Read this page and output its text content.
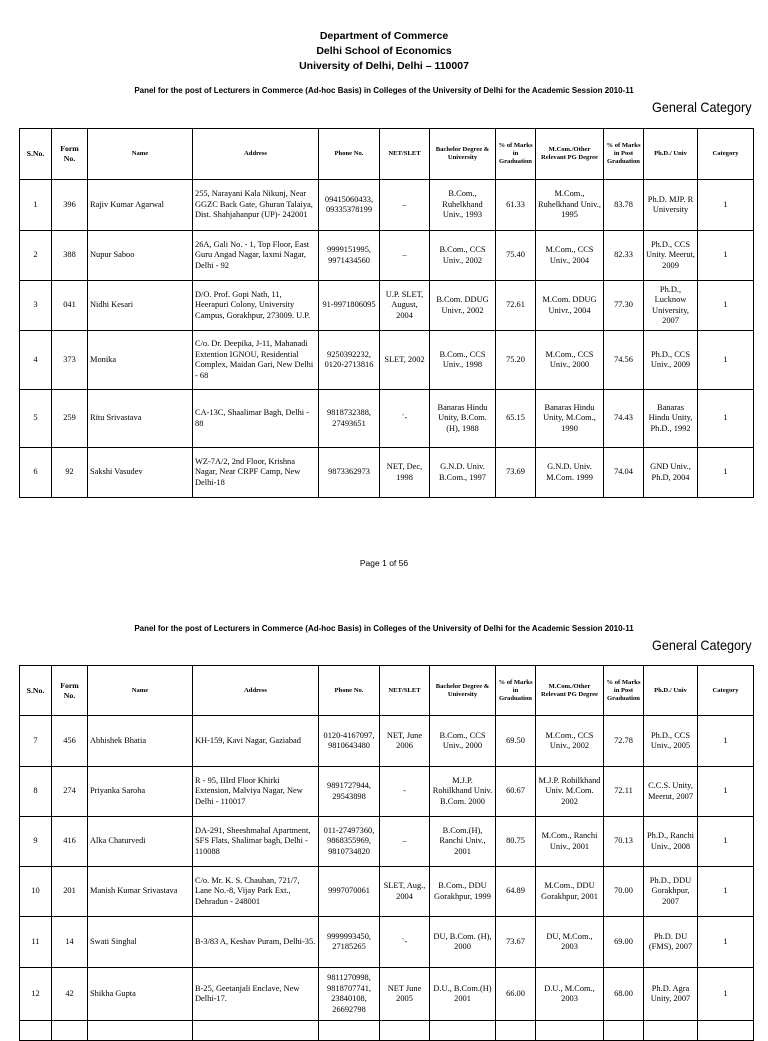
Department of Commerce
Delhi School of Economics
University of Delhi, Delhi – 110007
Panel for the post of Lecturers in Commerce (Ad-hoc Basis) in Colleges of the University of Delhi for the Academic Session 2010-11
General Category
S.No.	Form No.	Name	Address	Phone No.	NET/SLET	Bachelor Degree & University	% of Marks in Graduation	M.Com./Other Relevant PG Degree	% of Marks in Post Graduation	Ph.D./ Univ	Category
1	396	Rajiv Kumar Agarwal	255, Narayani Kala Nikunj, Near GGZC Back Gate, Ghuran Talaiya, Dist. Shahjahanpur (UP)- 242001	09415060433, 09335378199	–	B.Com., Ruhelkhand Univ., 1993	61.33	M.Com., Ruhelkhand Univ., 1995	83.78	Ph.D. MJP. R University	1
2	388	Nupur Saboo	26A, Gali No. - 1, Top Floor, East Guru Angad Nagar, laxmi Nagar, Delhi - 92	9999151995, 9971434560	–	B.Com., CCS Univ., 2002	75.40	M.Com., CCS Univ., 2004	82.33	Ph.D., CCS Unity. Meerut, 2009	1
3	041	Nidhi Kesari	D/O. Prof. Gopi Nath, 11, Heerapuri Colony, University Campus, Gorakhpur, 273009. U.P.	91-9971806095	U.P. SLET, August, 2004	B.Com. DDUG Univr., 2002	72.61	M.Com. DDUG Univr., 2004	77.30	Ph.D., Lucknow University, 2007	1
4	373	Monika	C/o. Dr. Deepika, J-11, Mahanadi Extention IGNOU, Residential Complex, Maidan Gari, New Delhi - 68	9250392232, 0120-2713816	SLET, 2002	B.Com., CCS Univ., 1998	75.20	M.Com., CCS Univ., 2000	74.56	Ph.D., CCS Univ., 2009	1
5	259	Ritu Srivastava	CA-13C, Shaalimar Bagh, Delhi - 88	9818732388, 27493651	`-	Banaras Hindu Unity, B.Com. (H), 1988	65.15	Banaras Hindu Unity, M.Com., 1990	74.43	Banaras Hindu Unity, Ph.D., 1992	1
6	92	Sakshi Vasudev	WZ-7A/2, 2nd Floor, Krishna Nagar, Near CRPF Camp, New Delhi-18	9873362973	NET, Dec, 1998	G.N.D. Univ. B.Com., 1997	73.69	G.N.D. Univ. M.Com. 1999	74.04	GND Univ., Ph.D, 2004	1
Page 1 of 56
Panel for the post of Lecturers in Commerce (Ad-hoc Basis) in Colleges of the University of Delhi for the Academic Session 2010-11
General Category
S.No.	Form No.	Name	Address	Phone No.	NET/SLET	Bachelor Degree & University	% of Marks in Graduation	M.Com./Other Relevant PG Degree	% of Marks in Post Graduation	Ph.D./ Univ	Category
7	456	Abhishek Bhatia	KH-159, Kavi Nagar, Gaziabad	0120-4167097, 9810643480	NET, June 2006	B.Com., CCS Univ., 2000	69.50	M.Com., CCS Univ., 2002	72.78	Ph.D., CCS Univ., 2005	1
8	274	Priyanka Saroha	R - 95, IIIrd Floor Khirki Extension, Malviya Nagar, New Delhi - 110017	9891727944, 29543898	-	M.J.P. Rohilkhand Univ. B.Com. 2000	60.67	M.J.P. Rohilkhand Univ. M.Com. 2002	72.11	C.C.S. Unity, Meerut, 2007	1
9	416	Alka Chaturvedi	DA-291, Sheeshmahal Apartment, SFS Flats, Shalimar bagh, Delhi - 110088	011-27497360, 9868355969, 9810734820	–	B.Com.(H), Ranchi Univ., 2001	80.75	M.Com., Ranchi Univ., 2001	70.13	Ph.D., Ranchi Univ., 2008	1
10	201	Manish Kumar Srivastava	C/o. Mr. K. S. Chauhan, 721/7, Lane No.-8, Vijay Park Ext., Dehradun - 248001	9997070061	SLET, Aug., 2004	B.Com., DDU Gorakhpur, 1999	64.89	M.Com., DDU Gorakhpur, 2001	70.00	Ph.D., DDU Gorakhpur, 2007	1
11	14	Swati Singhal	B-3/83 A, Keshav Puram, Delhi-35.	9999993450, 27185265	`-	DU, B.Com. (H), 2000	73.67	DU, M.Com., 2003	69.00	Ph.D. DU (FMS), 2007	1
12	42	Shikha Gupta	B-25, Geetanjali Enclave, New Delhi-17.	9811270998, 9818707741, 23840108, 26692798	NET June 2005	D.U., B.Com.(H) 2001	66.00	D.U., M.Com., 2003	68.00	Ph.D. Agra Unity, 2007	1
